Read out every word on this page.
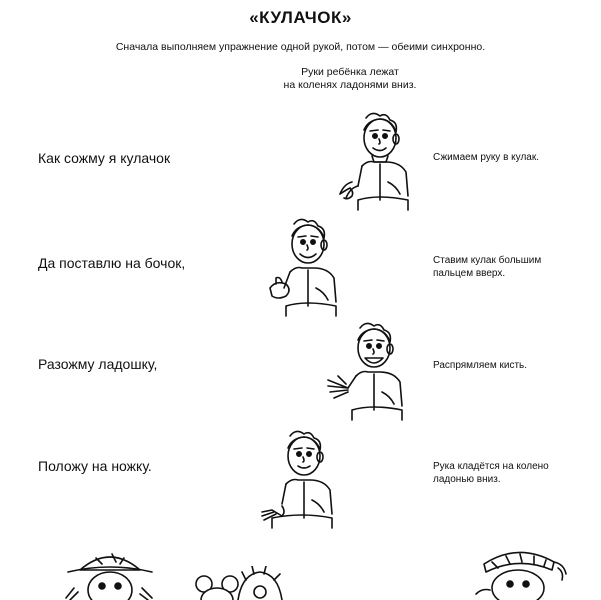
«КУЛАЧОК»
Сначала выполняем упражнение одной рукой, потом — обеими синхронно.
Руки ребёнка лежат
на коленях ладонями вниз.
Как сожму я кулачок	Сжимаем руку в кулак.
Да поставлю на бочок,	Ставим кулак большим
пальцем вверх.
Разожму ладошку,	Распрямляем кисть.
Положу на ножку.	Рука кладётся на колено
ладонью вниз.
